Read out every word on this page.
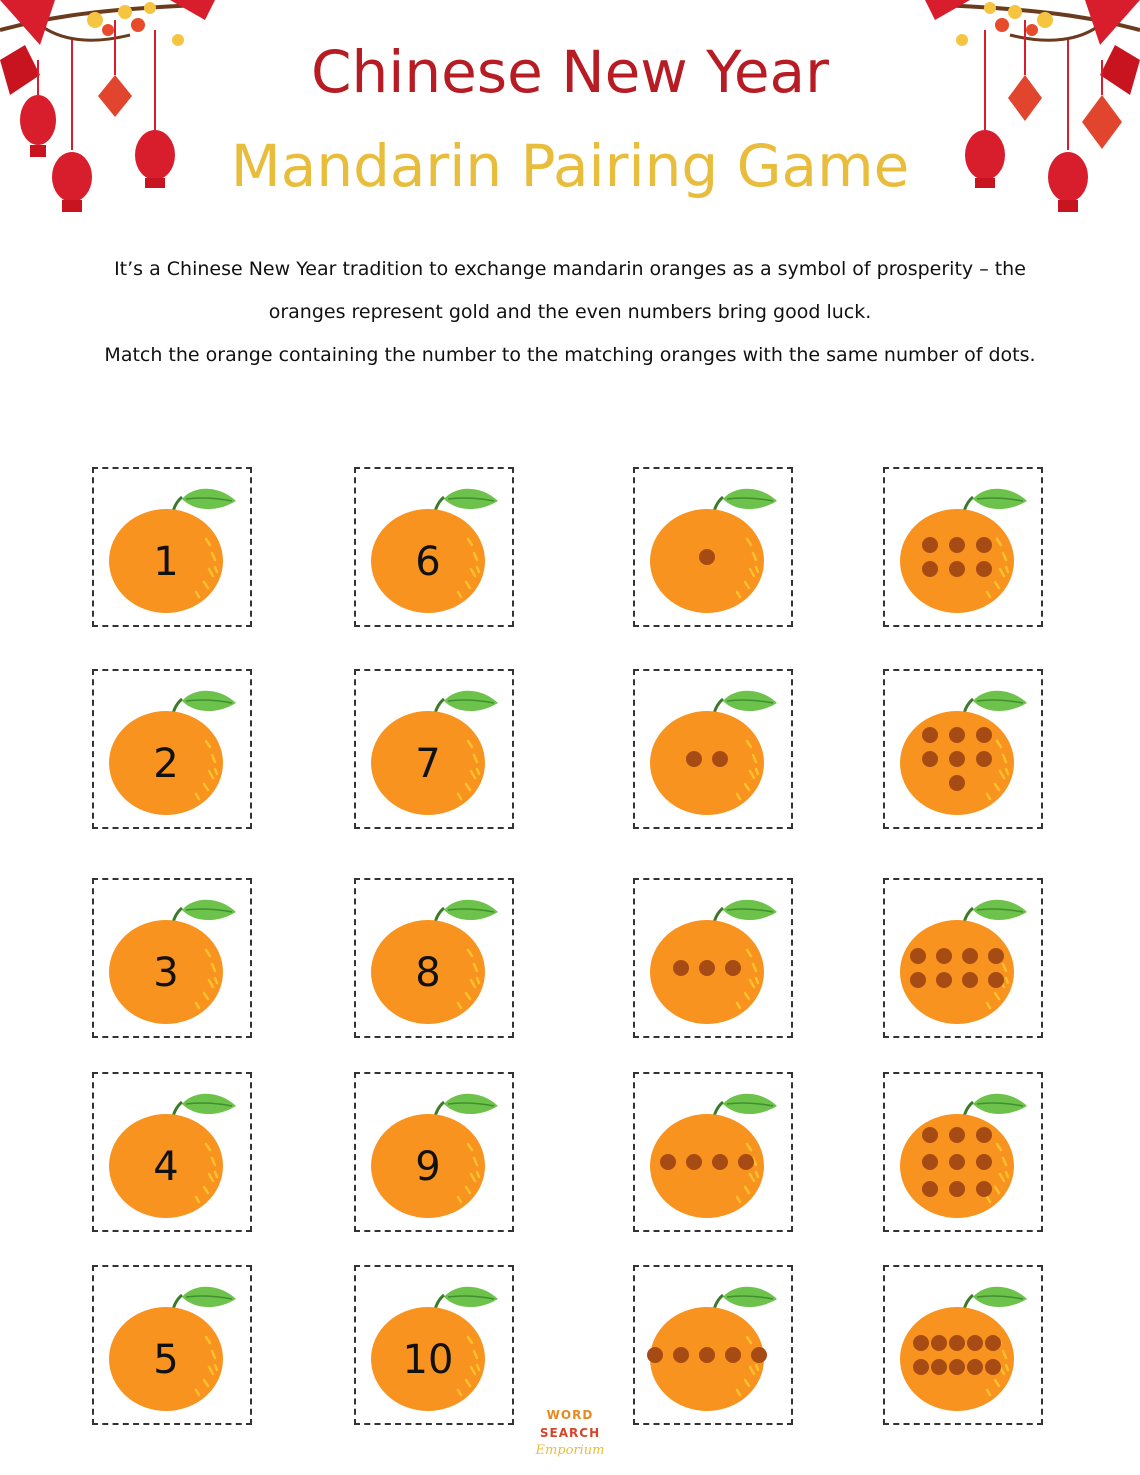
Chinese New Year
Mandarin Pairing Game
It’s a Chinese New Year tradition to exchange mandarin oranges as a symbol of prosperity – the
oranges represent gold and the even numbers bring good luck.
Match the orange containing the number to the matching oranges with the same number of dots.
1
2
3
4
5
6
7
8
9
10
WORD
SEARCH
Emporium
